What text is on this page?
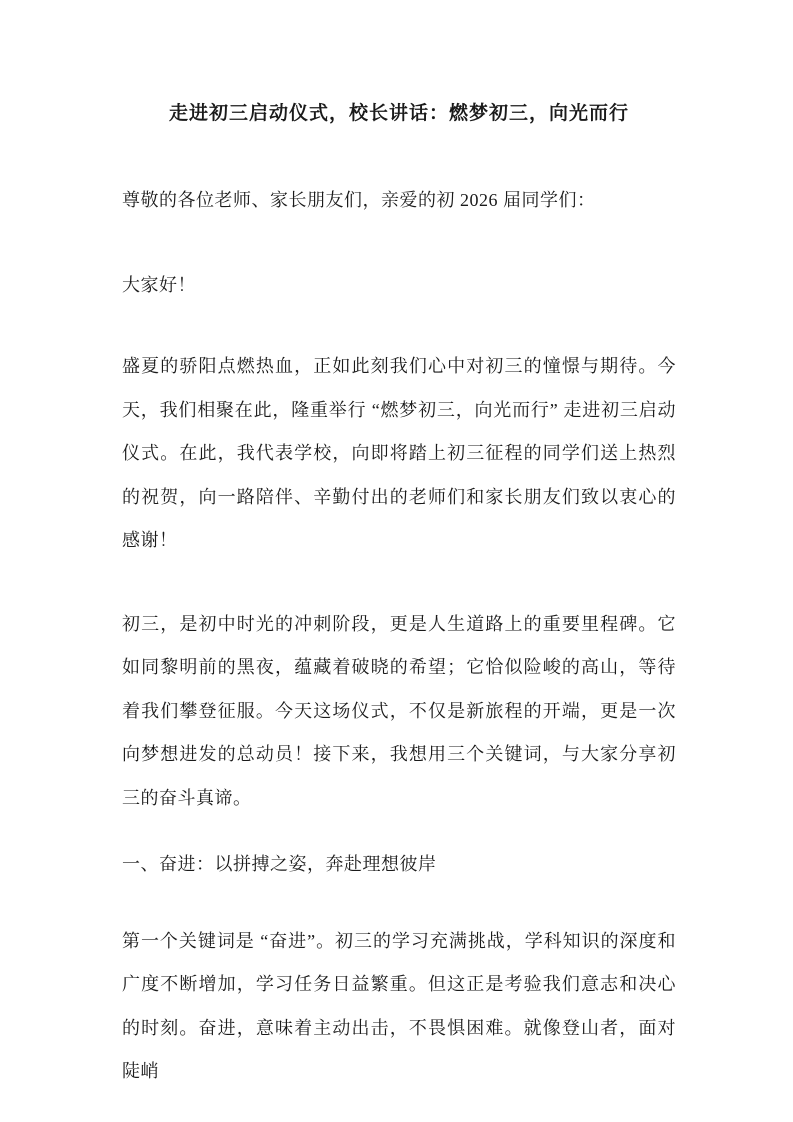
走进初三启动仪式，校长讲话：燃梦初三，向光而行

尊敬的各位老师、家长朋友们，亲爱的初 2026 届同学们：

大家好！

盛夏的骄阳点燃热血，正如此刻我们心中对初三的憧憬与期待。今天，我们相聚在此，隆重举行 “燃梦初三，向光而行” 走进初三启动仪式。在此，我代表学校，向即将踏上初三征程的同学们送上热烈的祝贺，向一路陪伴、辛勤付出的老师们和家长朋友们致以衷心的感谢！

初三，是初中时光的冲刺阶段，更是人生道路上的重要里程碑。它如同黎明前的黑夜，蕴藏着破晓的希望；它恰似险峻的高山，等待着我们攀登征服。今天这场仪式，不仅是新旅程的开端，更是一次向梦想进发的总动员！接下来，我想用三个关键词，与大家分享初三的奋斗真谛。

一、奋进：以拼搏之姿，奔赴理想彼岸

第一个关键词是 “奋进”。初三的学习充满挑战，学科知识的深度和广度不断增加，学习任务日益繁重。但这正是考验我们意志和决心的时刻。奋进，意味着主动出击，不畏惧困难。就像登山者，面对陡峭
